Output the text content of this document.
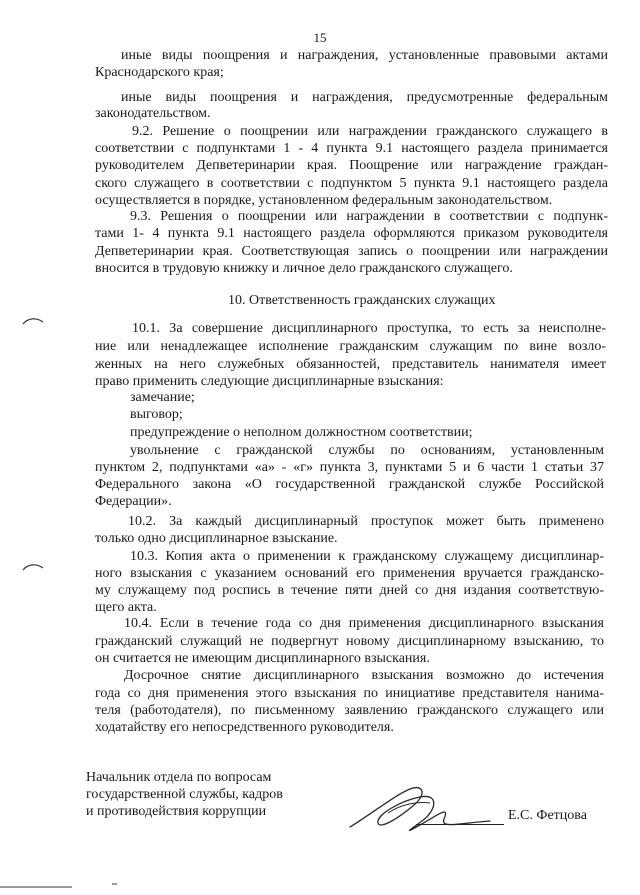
15
иные виды поощрения и награждения, установленные правовыми актами
Краснодарского края;
иные виды поощрения и награждения, предусмотренные федеральным
законодательством.
9.2. Решение о поощрении или награждении гражданского служащего в
соответствии с подпунктами 1 - 4 пункта 9.1 настоящего раздела принимается
руководителем Депветеринарии края. Поощрение или награждение граждан-
ского служащего в соответствии с подпунктом 5 пункта 9.1 настоящего раздела
осуществляется в порядке, установленном федеральным законодательством.
9.3. Решения о поощрении или награждении в соответствии с подпунк-
тами 1- 4 пункта 9.1 настоящего раздела оформляются приказом руководителя
Депветеринарии края. Соответствующая запись о поощрении или награждении
вносится в трудовую книжку и личное дело гражданского служащего.
10. Ответственность гражданских служащих
10.1. За совершение дисциплинарного проступка, то есть за неисполне-
ние или ненадлежащее исполнение гражданским служащим по вине возло-
женных на него служебных обязанностей, представитель нанимателя имеет
право применить следующие дисциплинарные взыскания:
замечание;
выговор;
предупреждение о неполном должностном соответствии;
увольнение с гражданской службы по основаниям, установленным
пунктом 2, подпунктами «а» - «г» пункта 3, пунктами 5 и 6 части 1 статьи 37
Федерального закона «О государственной гражданской службе Российской
Федерации».
10.2. За каждый дисциплинарный проступок может быть применено
только одно дисциплинарное взыскание.
10.3. Копия акта о применении к гражданскому служащему дисциплинар-
ного взыскания с указанием оснований его применения вручается гражданско-
му служащему под роспись в течение пяти дней со дня издания соответствую-
щего акта.
10.4. Если в течение года со дня применения дисциплинарного взыскания
гражданский служащий не подвергнут новому дисциплинарному взысканию, то
он считается не имеющим дисциплинарного взыскания.
Досрочное снятие дисциплинарного взыскания возможно до истечения
года со дня применения этого взыскания по инициативе представителя нанима-
теля (работодателя), по письменному заявлению гражданского служащего или
ходатайству его непосредственного руководителя.
Начальник отдела по вопросам
государственной службы, кадров
и противодействия коррупции	Е.С. Фетцова
